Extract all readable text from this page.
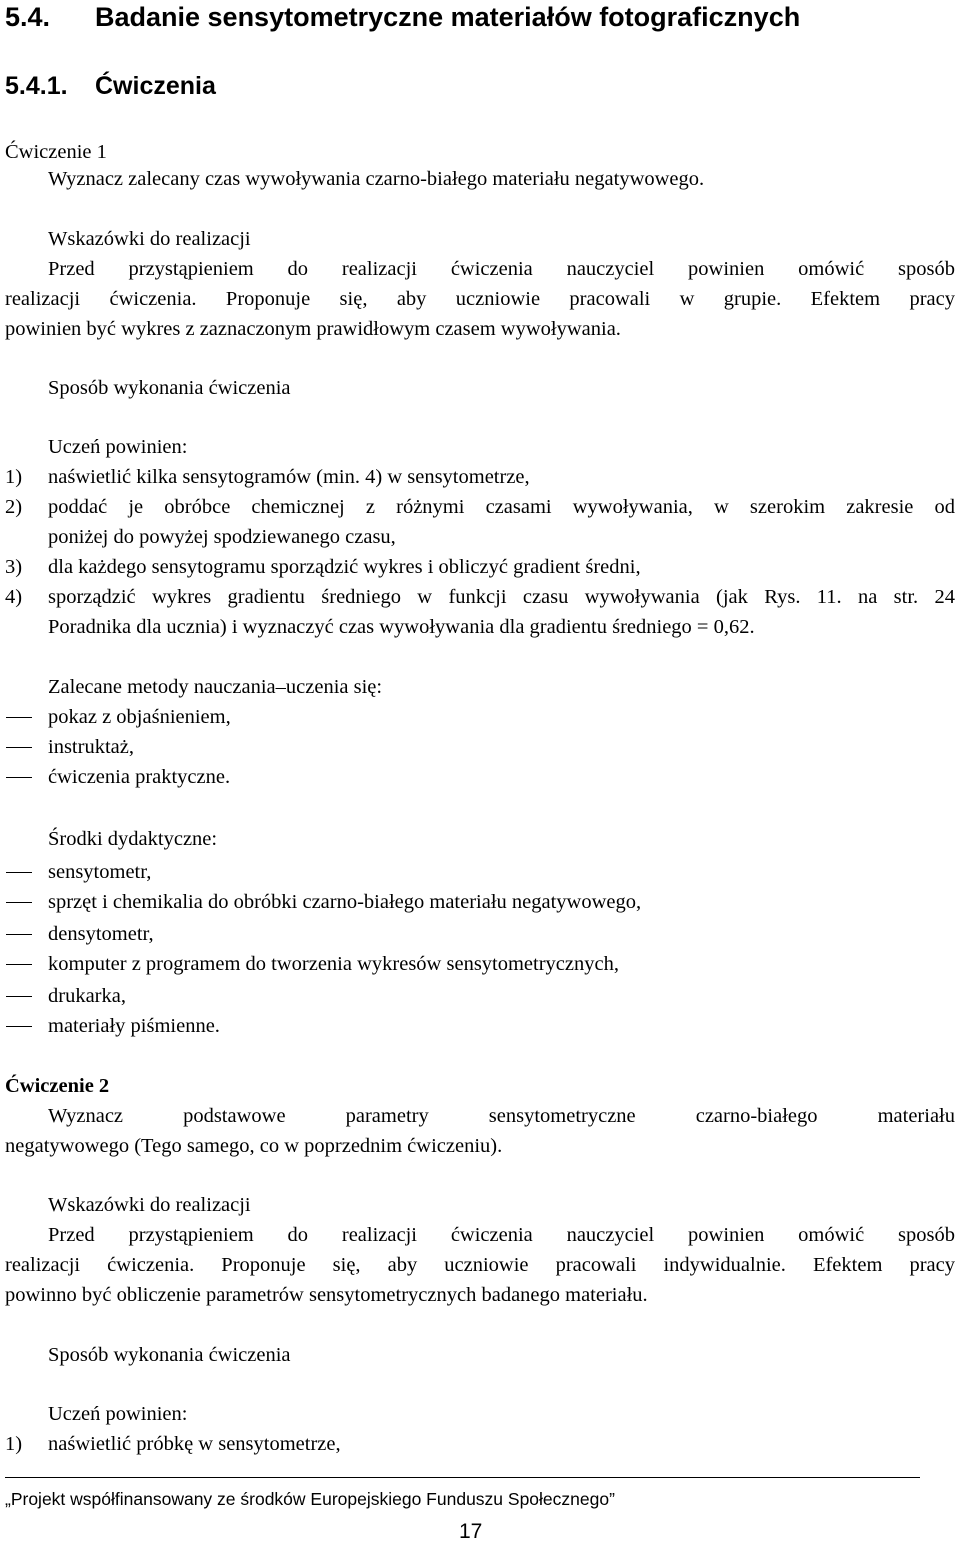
5.4. Badanie sensytometryczne materiałów fotograficznych
5.4.1. Ćwiczenia
Ćwiczenie 1
Wyznacz zalecany czas wywoływania czarno-białego materiału negatywowego.
Wskazówki do realizacji
Przed przystąpieniem do realizacji ćwiczenia nauczyciel powinien omówić sposób
realizacji ćwiczenia. Proponuje się, aby uczniowie pracowali w grupie. Efektem pracy
powinien być wykres z zaznaczonym prawidłowym czasem wywoływania.
Sposób wykonania ćwiczenia
Uczeń powinien:
1) naświetlić kilka sensytogramów (min. 4) w sensytometrze,
2) poddać je obróbce chemicznej z różnymi czasami wywoływania, w szerokim zakresie od
poniżej do powyżej spodziewanego czasu,
3) dla każdego sensytogramu sporządzić wykres i obliczyć gradient średni,
4) sporządzić wykres gradientu średniego w funkcji czasu wywoływania (jak Rys. 11. na str. 24
Poradnika dla ucznia) i wyznaczyć czas wywoływania dla gradientu średniego = 0,62.
Zalecane metody nauczania–uczenia się:
pokaz z objaśnieniem,
instruktaż,
ćwiczenia praktyczne.
Środki dydaktyczne:
sensytometr,
sprzęt i chemikalia do obróbki czarno-białego materiału negatywowego,
densytometr,
komputer z programem do tworzenia wykresów sensytometrycznych,
drukarka,
materiały piśmienne.
Ćwiczenie 2
Wyznacz podstawowe parametry sensytometryczne czarno-białego materiału
negatywowego (Tego samego, co w poprzednim ćwiczeniu).
Wskazówki do realizacji
Przed przystąpieniem do realizacji ćwiczenia nauczyciel powinien omówić sposób
realizacji ćwiczenia. Proponuje się, aby uczniowie pracowali indywidualnie. Efektem pracy
powinno być obliczenie parametrów sensytometrycznych badanego materiału.
Sposób wykonania ćwiczenia
Uczeń powinien:
1) naświetlić próbkę w sensytometrze,
„Projekt współfinansowany ze środków Europejskiego Funduszu Społecznego”
17
